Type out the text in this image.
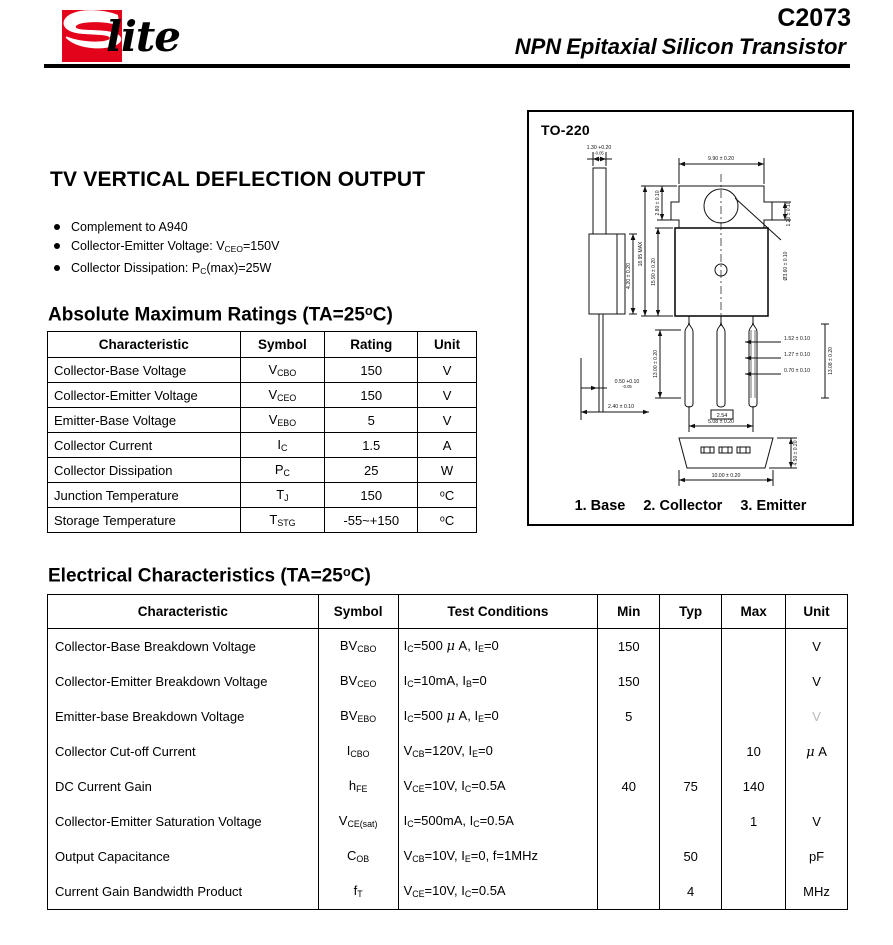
lite	C2073
NPN Epitaxial Silicon Transistor
TV VERTICAL DEFLECTION OUTPUT
Complement to A940
Collector-Emitter Voltage: $V_{CEO}=150V$
Collector Dissipation: $P_C(\max)=25W$
Absolute Maximum Ratings $(TA=25^oC)$
Characteristic	Symbol	Rating	Unit
Collector-Base Voltage	$V_{CBO}$	150	V
Collector-Emitter Voltage	$V_{CEO}$	150	V
Emitter-Base Voltage	$V_{EBO}$	5	V
Collector Current	$I_C$	1.5	A
Collector Dissipation	$P_C$	25	W
Junction Temperature	$T_J$	150	$^o$C
Storage Temperature	$T_{STG}$	-55~+150	$^o$C
Electrical Characteristics $(TA=25^oC)$
Characteristic	Symbol	Test Conditions	Min	Typ	Max	Unit
Collector-Base Breakdown Voltage	$BV_{CBO}$	$I_C=500$ μ A, $I_E=0$	150			V
Collector-Emitter Breakdown Voltage	$BV_{CEO}$	$I_C=10mA$, $I_B=0$	150			V
Emitter-base Breakdown Voltage	$BV_{EBO}$	$I_C=500$ μ A, $I_E=0$	5			V
Collector Cut-off Current	$I_{CBO}$	$V_{CB}=120V$, $I_E=0$			10	μ A
DC Current Gain	$h_{FE}$	$V_{CE}=10V$, $I_C=0.5A$	40	75	140	
Collector-Emitter Saturation Voltage	$V_{CE(sat)}$	$I_C=500mA$, $I_C=0.5A$			1	V
Output Capacitance	$C_{OB}$	$V_{CB}=10V$, $I_E=0$, f=1MHz		50		pF
Current Gain Bandwidth Product	$f_T$	$V_{CE}=10V$, $I_C=0.5A$		4		MHz
TO-220
1.30 +0.20
-0.05
4.20 ± 0.20
0.50 +0.10
-0.05
2.40 ± 0.10
9.90 ± 0.20
2.80 ± 0.10	1.20 ± 0.10
Ø3.60 ± 0.10
18.95 MAX
15.90 ± 0.20
13.00 ± 0.20
2.54
5.08 ± 0.20
1.52 ± 0.10
1.27 ± 0.10
0.70 ± 0.10	13.08 ± 0.20
4.50 ± 0.20
10.00 ± 0.20
1. Base 2. Collector 3. Emitter
